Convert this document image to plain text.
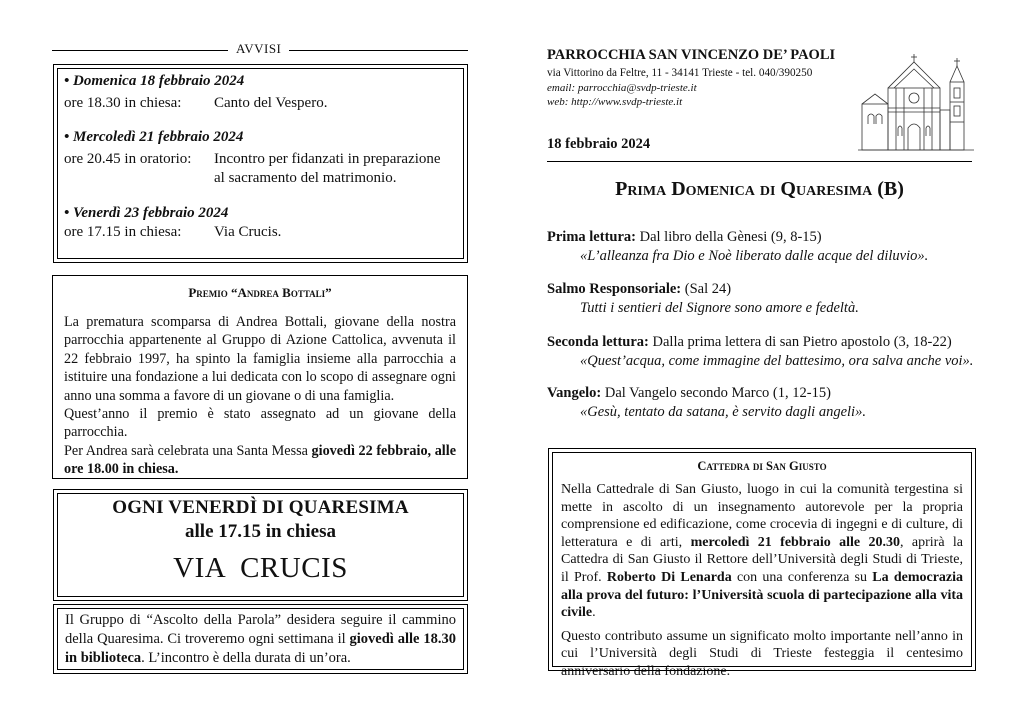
AVVISI
• Domenica 18 febbraio 2024
ore 18.30 in chiesa:	Canto del Vespero.
• Mercoledì 21 febbraio 2024
ore 20.45 in oratorio:	Incontro per fidanzati in preparazione al sacramento del matrimonio.
• Venerdì 23 febbraio 2024
ore 17.15 in chiesa:	Via Crucis.
Premio “Andrea Bottali”
La prematura scomparsa di Andrea Bottali, giovane della nostra parrocchia appartenente al Gruppo di Azione Cattolica, avvenuta il 22 febbraio 1997, ha spinto la famiglia insieme alla parrocchia a istituire una fondazione a lui dedicata con lo scopo di assegnare ogni anno una somma a favore di un giovane o di una famiglia.
Quest’anno il premio è stato assegnato ad un giovane della parrocchia.
Per Andrea sarà celebrata una Santa Messa giovedì 22 febbraio, alle ore 18.00 in chiesa.
OGNI VENERDÌ DI QUARESIMA
alle 17.15 in chiesa
VIA  CRUCIS
Il Gruppo di “Ascolto della Parola” desidera seguire il cammino della Quaresima. Ci troveremo ogni settimana il giovedì alle 18.30 in biblioteca. L’incontro è della durata di un’ora.
PARROCCHIA SAN VINCENZO DE’ PAOLI
via Vittorino da Feltre, 11 - 34141 Trieste - tel. 040/390250
email: parrocchia@svdp-trieste.it
web: http://www.svdp-trieste.it
18 febbraio 2024
Prima Domenica di Quaresima (B)
Prima lettura: Dal libro della Gènesi (9, 8-15)
«L’alleanza fra Dio e Noè liberato dalle acque del diluvio».
Salmo Responsoriale: (Sal 24)
Tutti i sentieri del Signore sono amore e fedeltà.
Seconda lettura: Dalla prima lettera di san Pietro apostolo (3, 18-22)
«Quest’acqua, come immagine del battesimo, ora salva anche voi».
Vangelo: Dal Vangelo secondo Marco (1, 12-15)
«Gesù, tentato da satana, è servito dagli angeli».
Cattedra di San Giusto
Nella Cattedrale di San Giusto, luogo in cui la comunità tergestina si mette in ascolto di un insegnamento autorevole per la propria comprensione ed edificazione, come crocevia di ingegni e di culture, di letteratura e di arti, mercoledì 21 febbraio alle 20.30, aprirà la Cattedra di San Giusto il Rettore dell’Università degli Studi di Trieste, il Prof. Roberto Di Lenarda con una conferenza su La democrazia alla prova del futuro: l’Università scuola di partecipazione alla vita civile.
Questo contributo assume un significato molto importante nell’anno in cui l’Università degli Studi di Trieste festeggia il centesimo anniversario della fondazione.
